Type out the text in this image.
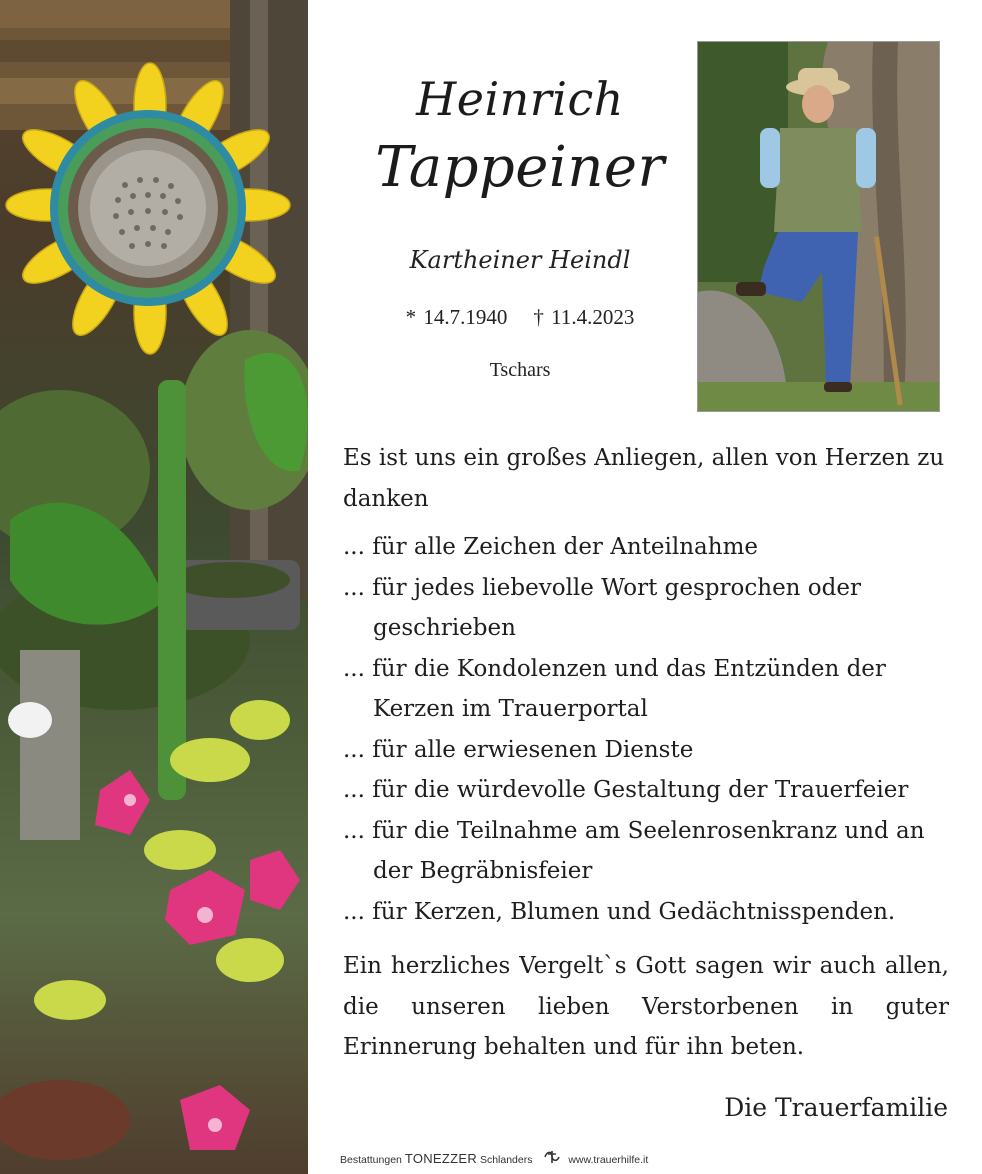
Heinrich
Tappeiner
Kartheiner Heindl
* 14.7.1940 † 11.4.2023
Tschars

Es ist uns ein großes Anliegen, allen von Herzen zu danken

... für alle Zeichen der Anteilnahme
... für jedes liebevolle Wort gesprochen oder geschrieben
... für die Kondolenzen und das Entzünden der Kerzen im Trauerportal
... für alle erwiesenen Dienste
... für die würdevolle Gestaltung der Trauerfeier
... für die Teilnahme am Seelenrosenkranz und an der Begräbnisfeier
... für Kerzen, Blumen und Gedächtnisspenden.

Ein herzliches Vergelt`s Gott sagen wir auch allen, die unseren lieben Verstorbenen in guter Erinnerung behalten und für ihn beten.

Die Trauerfamilie
Bestattungen TONEZZER Schlanders	www.trauerhilfe.it
